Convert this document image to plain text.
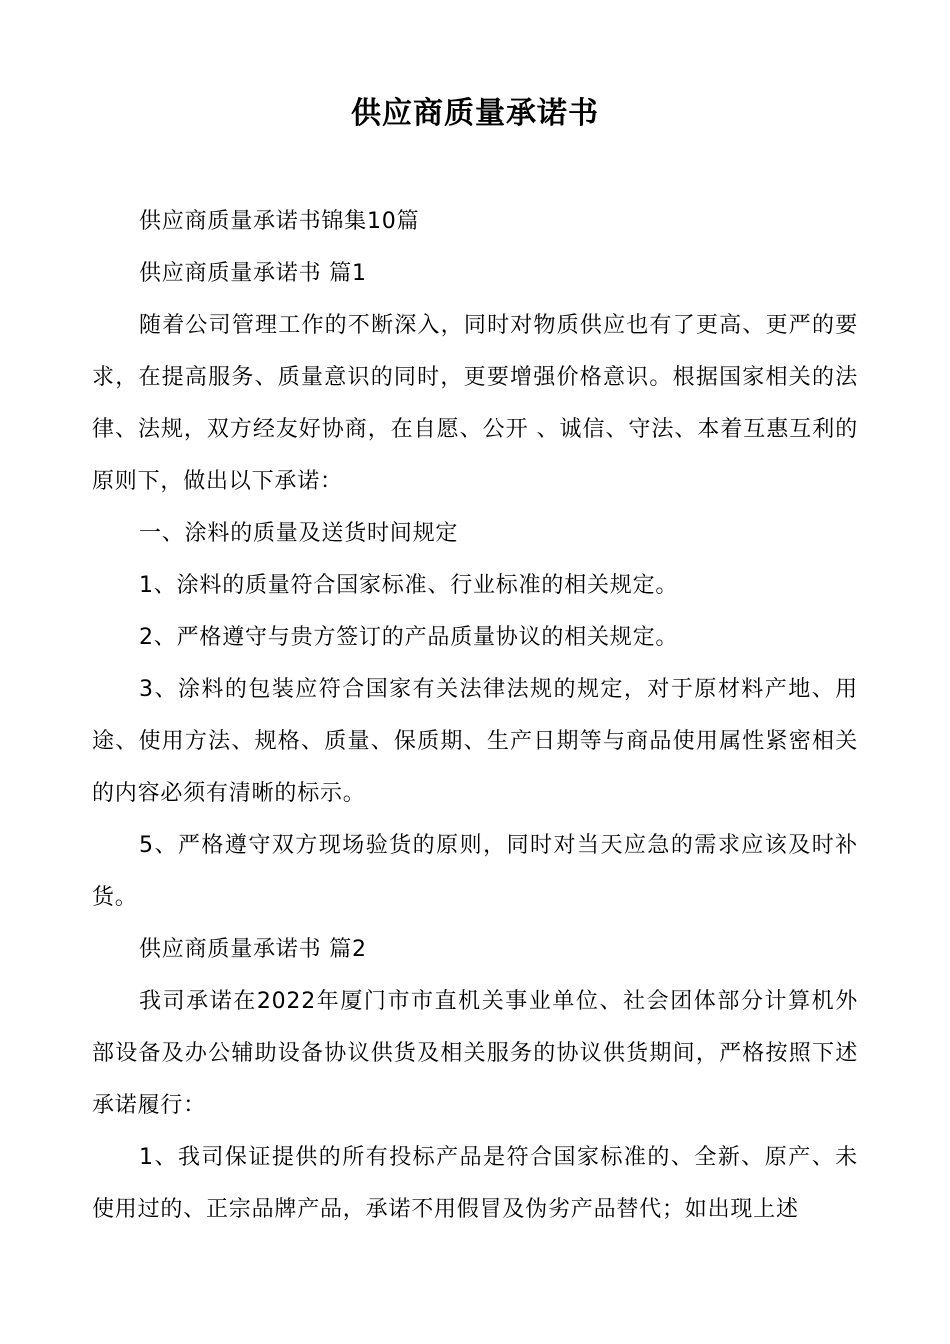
供应商质量承诺书

供应商质量承诺书锦集10篇

供应商质量承诺书 篇1

随着公司管理工作的不断深入，同时对物质供应也有了更高、更严的要求，在提高服务、质量意识的同时，更要增强价格意识。根据国家相关的法律、法规，双方经友好协商，在自愿、公开 、诚信、守法、本着互惠互利的原则下，做出以下承诺：

一、涂料的质量及送货时间规定

1、涂料的质量符合国家标准、行业标准的相关规定。

2、严格遵守与贵方签订的产品质量协议的相关规定。

3、涂料的包装应符合国家有关法律法规的规定，对于原材料产地、用途、使用方法、规格、质量、保质期、生产日期等与商品使用属性紧密相关的内容必须有清晰的标示。

5、严格遵守双方现场验货的原则，同时对当天应急的需求应该及时补货。

供应商质量承诺书 篇2

我司承诺在2022年厦门市市直机关事业单位、社会团体部分计算机外部设备及办公辅助设备协议供货及相关服务的协议供货期间，严格按照下述承诺履行：

1、我司保证提供的所有投标产品是符合国家标准的、全新、原产、未使用过的、正宗品牌产品，承诺不用假冒及伪劣产品替代；如出现上述
